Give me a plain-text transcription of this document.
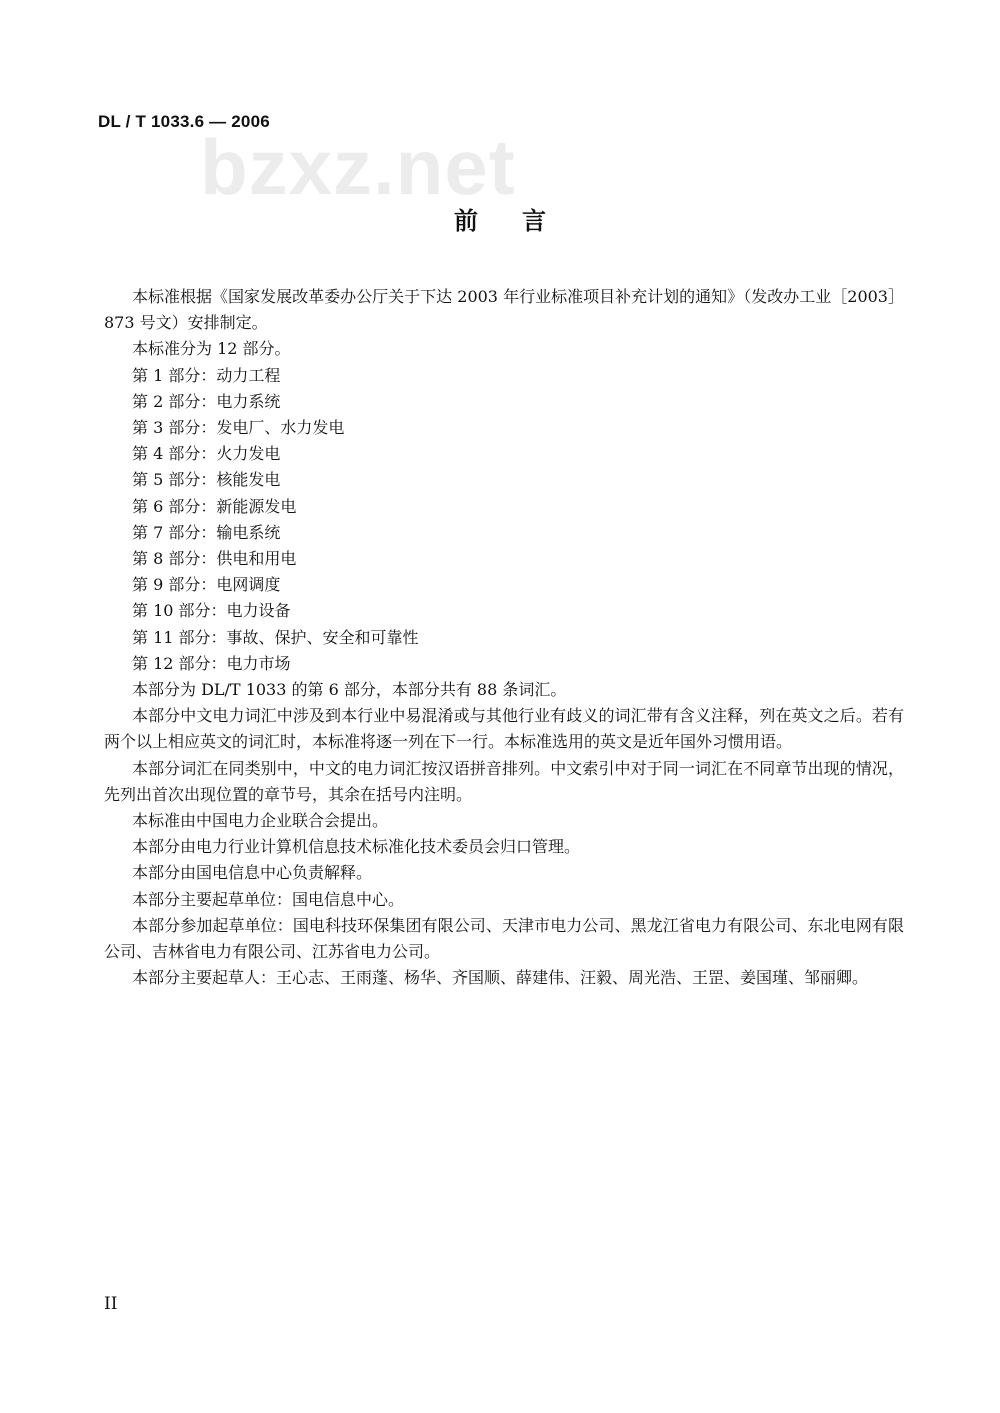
DL / T 1033.6 — 2006
bzxz.net
前言

本标准根据《国家发展改革委办公厅关于下达 2003 年行业标准项目补充计划的通知》（发改办工业［2003］873 号文）安排制定。

本标准分为 12 部分。

第 1 部分：动力工程

第 2 部分：电力系统

第 3 部分：发电厂、水力发电

第 4 部分：火力发电

第 5 部分：核能发电

第 6 部分：新能源发电

第 7 部分：输电系统

第 8 部分：供电和用电

第 9 部分：电网调度

第 10 部分：电力设备

第 11 部分：事故、保护、安全和可靠性

第 12 部分：电力市场

本部分为 DL/T 1033 的第 6 部分，本部分共有 88 条词汇。

本部分中文电力词汇中涉及到本行业中易混淆或与其他行业有歧义的词汇带有含义注释，列在英文之后。若有两个以上相应英文的词汇时，本标准将逐一列在下一行。本标准选用的英文是近年国外习惯用语。

本部分词汇在同类别中，中文的电力词汇按汉语拼音排列。中文索引中对于同一词汇在不同章节出现的情况，先列出首次出现位置的章节号，其余在括号内注明。

本标准由中国电力企业联合会提出。

本部分由电力行业计算机信息技术标准化技术委员会归口管理。

本部分由国电信息中心负责解释。

本部分主要起草单位：国电信息中心。

本部分参加起草单位：国电科技环保集团有限公司、天津市电力公司、黑龙江省电力有限公司、东北电网有限公司、吉林省电力有限公司、江苏省电力公司。

本部分主要起草人：王心志、王雨蓬、杨华、齐国顺、薛建伟、汪毅、周光浩、王罡、姜国瑾、邹丽卿。

II
